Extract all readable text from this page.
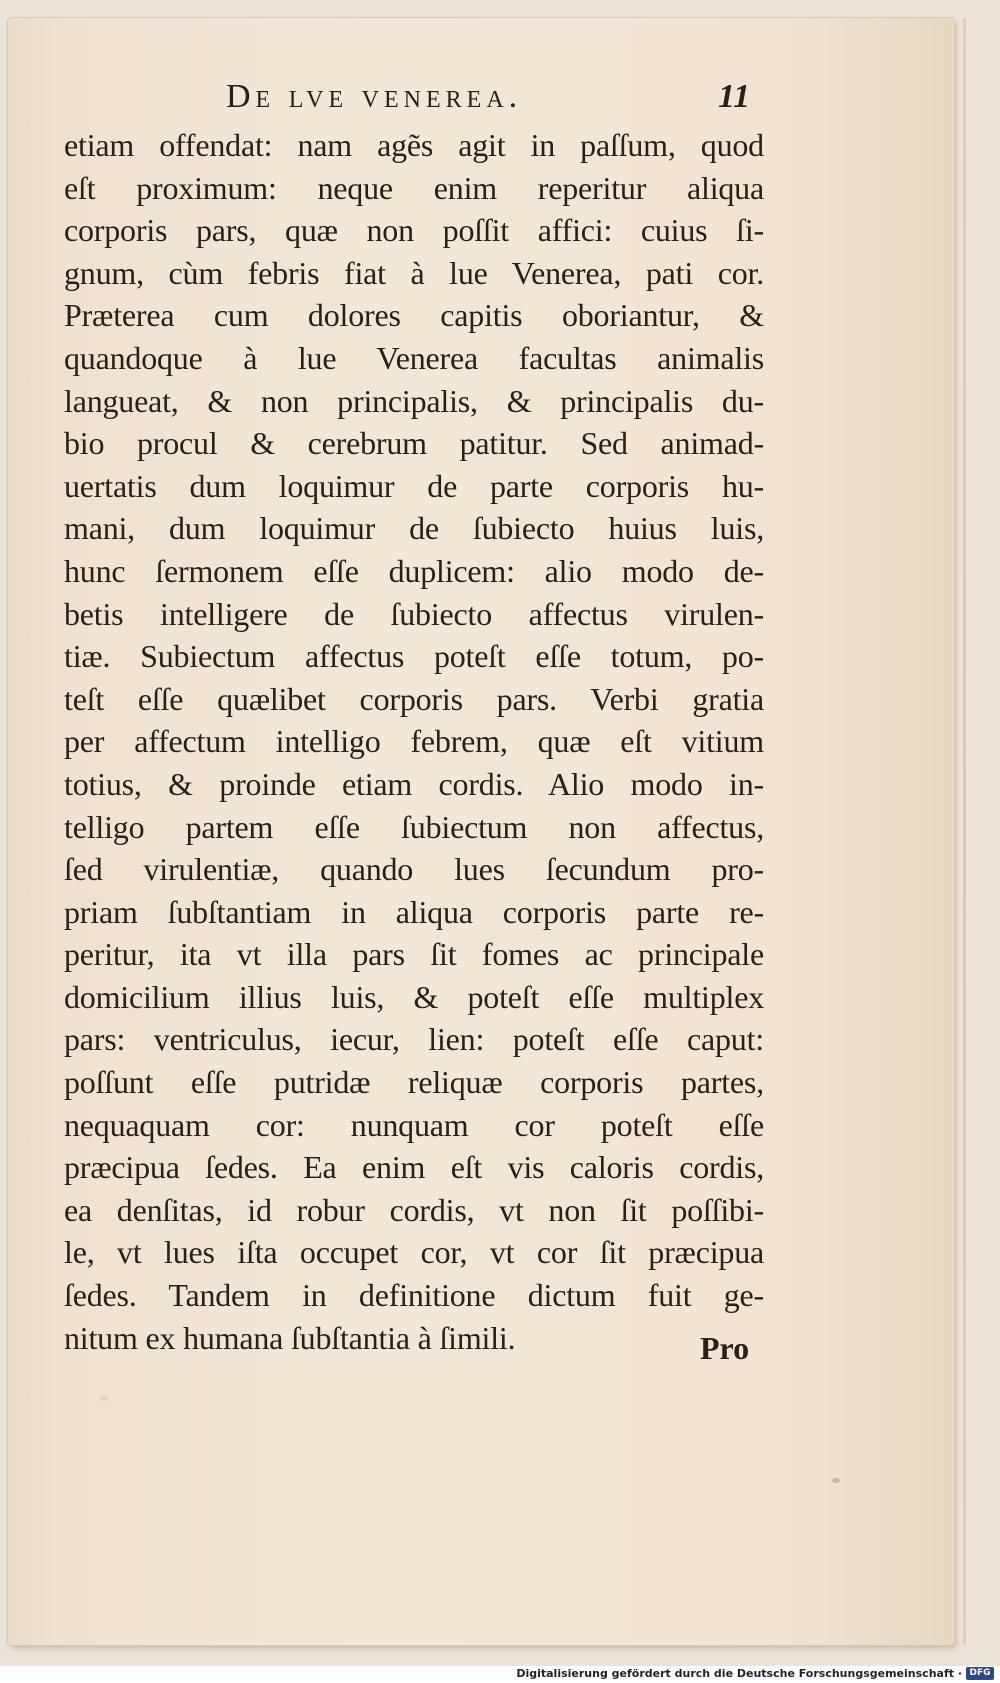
De lve venerea.	11
etiam offendat: nam agẽs agit in paſſum, quod
eſt proximum: neque enim reperitur aliqua
corporis pars, quæ non poſſit affici: cuius ſi-
gnum, cùm febris fiat à lue Venerea, pati cor.
Præterea cum dolores capitis oboriantur, &
quandoque à lue Venerea facultas animalis
langueat, & non principalis, & principalis du-
bio procul & cerebrum patitur. Sed animad-
uertatis dum loquimur de parte corporis hu-
mani, dum loquimur de ſubiecto huius luis,
hunc ſermonem eſſe duplicem: alio modo de-
betis intelligere de ſubiecto affectus virulen-
tiæ. Subiectum affectus poteſt eſſe totum, po-
teſt eſſe quælibet corporis pars. Verbi gratia
per affectum intelligo febrem, quæ eſt vitium
totius, & proinde etiam cordis. Alio modo in-
telligo partem eſſe ſubiectum non affectus,
ſed virulentiæ, quando lues ſecundum pro-
priam ſubſtantiam in aliqua corporis parte re-
peritur, ita vt illa pars ſit fomes ac principale
domicilium illius luis, & poteſt eſſe multiplex
pars: ventriculus, iecur, lien: poteſt eſſe caput:
poſſunt eſſe putridæ reliquæ corporis partes,
nequaquam cor: nunquam cor poteſt eſſe
præcipua ſedes. Ea enim eſt vis caloris cordis,
ea denſitas, id robur cordis, vt non ſit poſſibi-
le, vt lues iſta occupet cor, vt cor ſit præcipua
ſedes. Tandem in definitione dictum fuit ge-
nitum ex humana ſubſtantia à ſimili.	Pro
Digitalisierung gefördert durch die Deutsche Forschungsgemeinschaft · DFG
